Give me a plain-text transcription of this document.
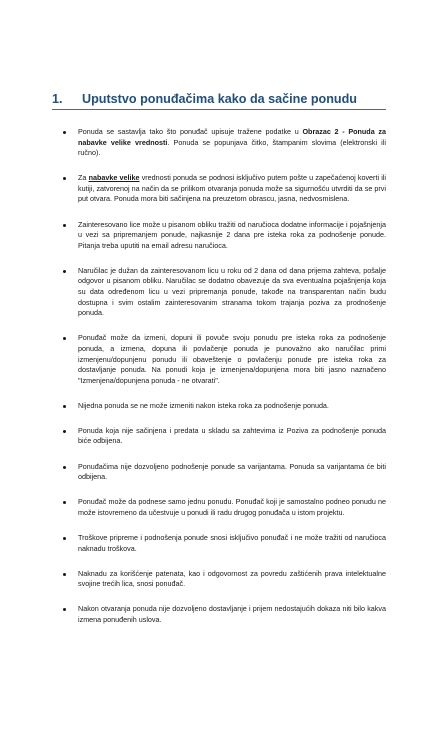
1. Uputstvo ponuđačima kako da sačine ponudu
Ponuda se sastavlja tako što ponuđač upisuje tražene podatke u Obrazac 2 - Ponuda za nabavke velike vrednosti. Ponuda se popunjava čitko, štampanim slovima (elektronski ili ručno).
Za nabavke velike vrednosti ponuda se podnosi isključivo putem pošte u zapečaćenoj koverti ili kutiji, zatvorenoj na način da se prilikom otvaranja ponuda može sa sigurnošću utvrditi da se prvi put otvara. Ponuda mora biti sačinjena na preuzetom obrascu, jasna, nedvosmislena.
Zainteresovano lice može u pisanom obliku tražiti od naručioca dodatne informacije i pojašnjenja u vezi sa pripremanjem ponude, najkasnije 2 dana pre isteka roka za podnošenje ponude. Pitanja treba uputiti na email adresu naručioca.
Naručilac je dužan da zainteresovanom licu u roku od 2 dana od dana prijema zahteva, pošalje odgovor u pisanom obliku. Naručilac se dodatno obavezuje da sva eventualna pojašnjenja koja su data određenom licu u vezi pripremanja ponude, takođe na transparentan način budu dostupna i svim ostalim zainteresovanim stranama tokom trajanja poziva za prodnošenje ponuda.
Ponuđač može da izmeni, dopuni ili povuče svoju ponudu pre isteka roka za podnošenje ponuda, a izmena, dopuna ili povlačenje ponuda je punovažno ako naručilac primi izmenjenu/dopunjenu ponudu ili obaveštenje o povlačenju ponude pre isteka roka za dostavljanje ponuda. Na ponudi koja je izmenjena/dopunjena mora biti jasno naznačeno "Izmenjena/dopunjena ponuda - ne otvarati".
Nijedna ponuda se ne može izmeniti nakon isteka roka za podnošenje ponuda.
Ponuda koja nije sačinjena i predata u skladu sa zahtevima iz Poziva za podnošenje ponuda biće odbijena.
Ponuđačima nije dozvoljeno podnošenje ponude sa varijantama. Ponuda sa varijantama će biti odbijena.
Ponuđač može da podnese samo jednu ponudu. Ponuđač koji je samostalno podneo ponudu ne može istovremeno da učestvuje u ponudi ili radu drugog ponuđača u istom projektu.
Troškove pripreme i podnošenja ponude snosi isključivo ponuđač i ne može tražiti od naručioca naknadu troškova.
Naknadu za korišćenje patenata, kao i odgovornost za povredu zaštićenih prava intelektualne svojine trećih lica, snosi ponuđač.
Nakon otvaranja ponuda nije dozvoljeno dostavljanje i prijem nedostajućih dokaza niti bilo kakva izmena ponuđenih uslova.
